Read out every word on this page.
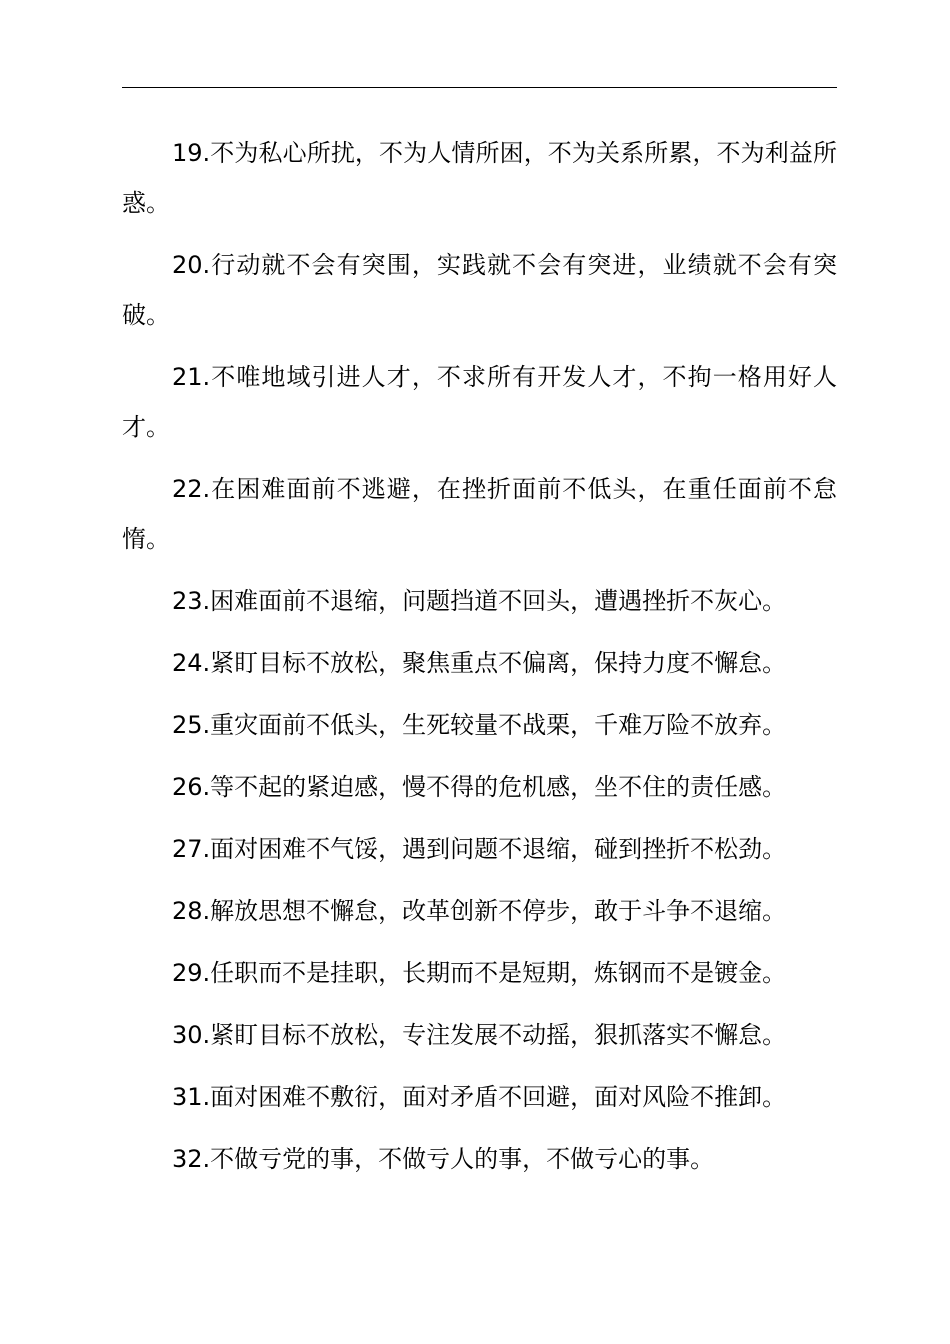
19.不为私心所扰，不为人情所困，不为关系所累，不为利益所惑。

20.行动就不会有突围，实践就不会有突进，业绩就不会有突破。

21.不唯地域引进人才，不求所有开发人才，不拘一格用好人才。

22.在困难面前不逃避，在挫折面前不低头，在重任面前不怠惰。

23.困难面前不退缩，问题挡道不回头，遭遇挫折不灰心。

24.紧盯目标不放松，聚焦重点不偏离，保持力度不懈怠。

25.重灾面前不低头，生死较量不战栗，千难万险不放弃。

26.等不起的紧迫感，慢不得的危机感，坐不住的责任感。

27.面对困难不气馁，遇到问题不退缩，碰到挫折不松劲。

28.解放思想不懈怠，改革创新不停步，敢于斗争不退缩。

29.任职而不是挂职，长期而不是短期，炼钢而不是镀金。

30.紧盯目标不放松，专注发展不动摇，狠抓落实不懈怠。

31.面对困难不敷衍，面对矛盾不回避，面对风险不推卸。

32.不做亏党的事，不做亏人的事，不做亏心的事。
